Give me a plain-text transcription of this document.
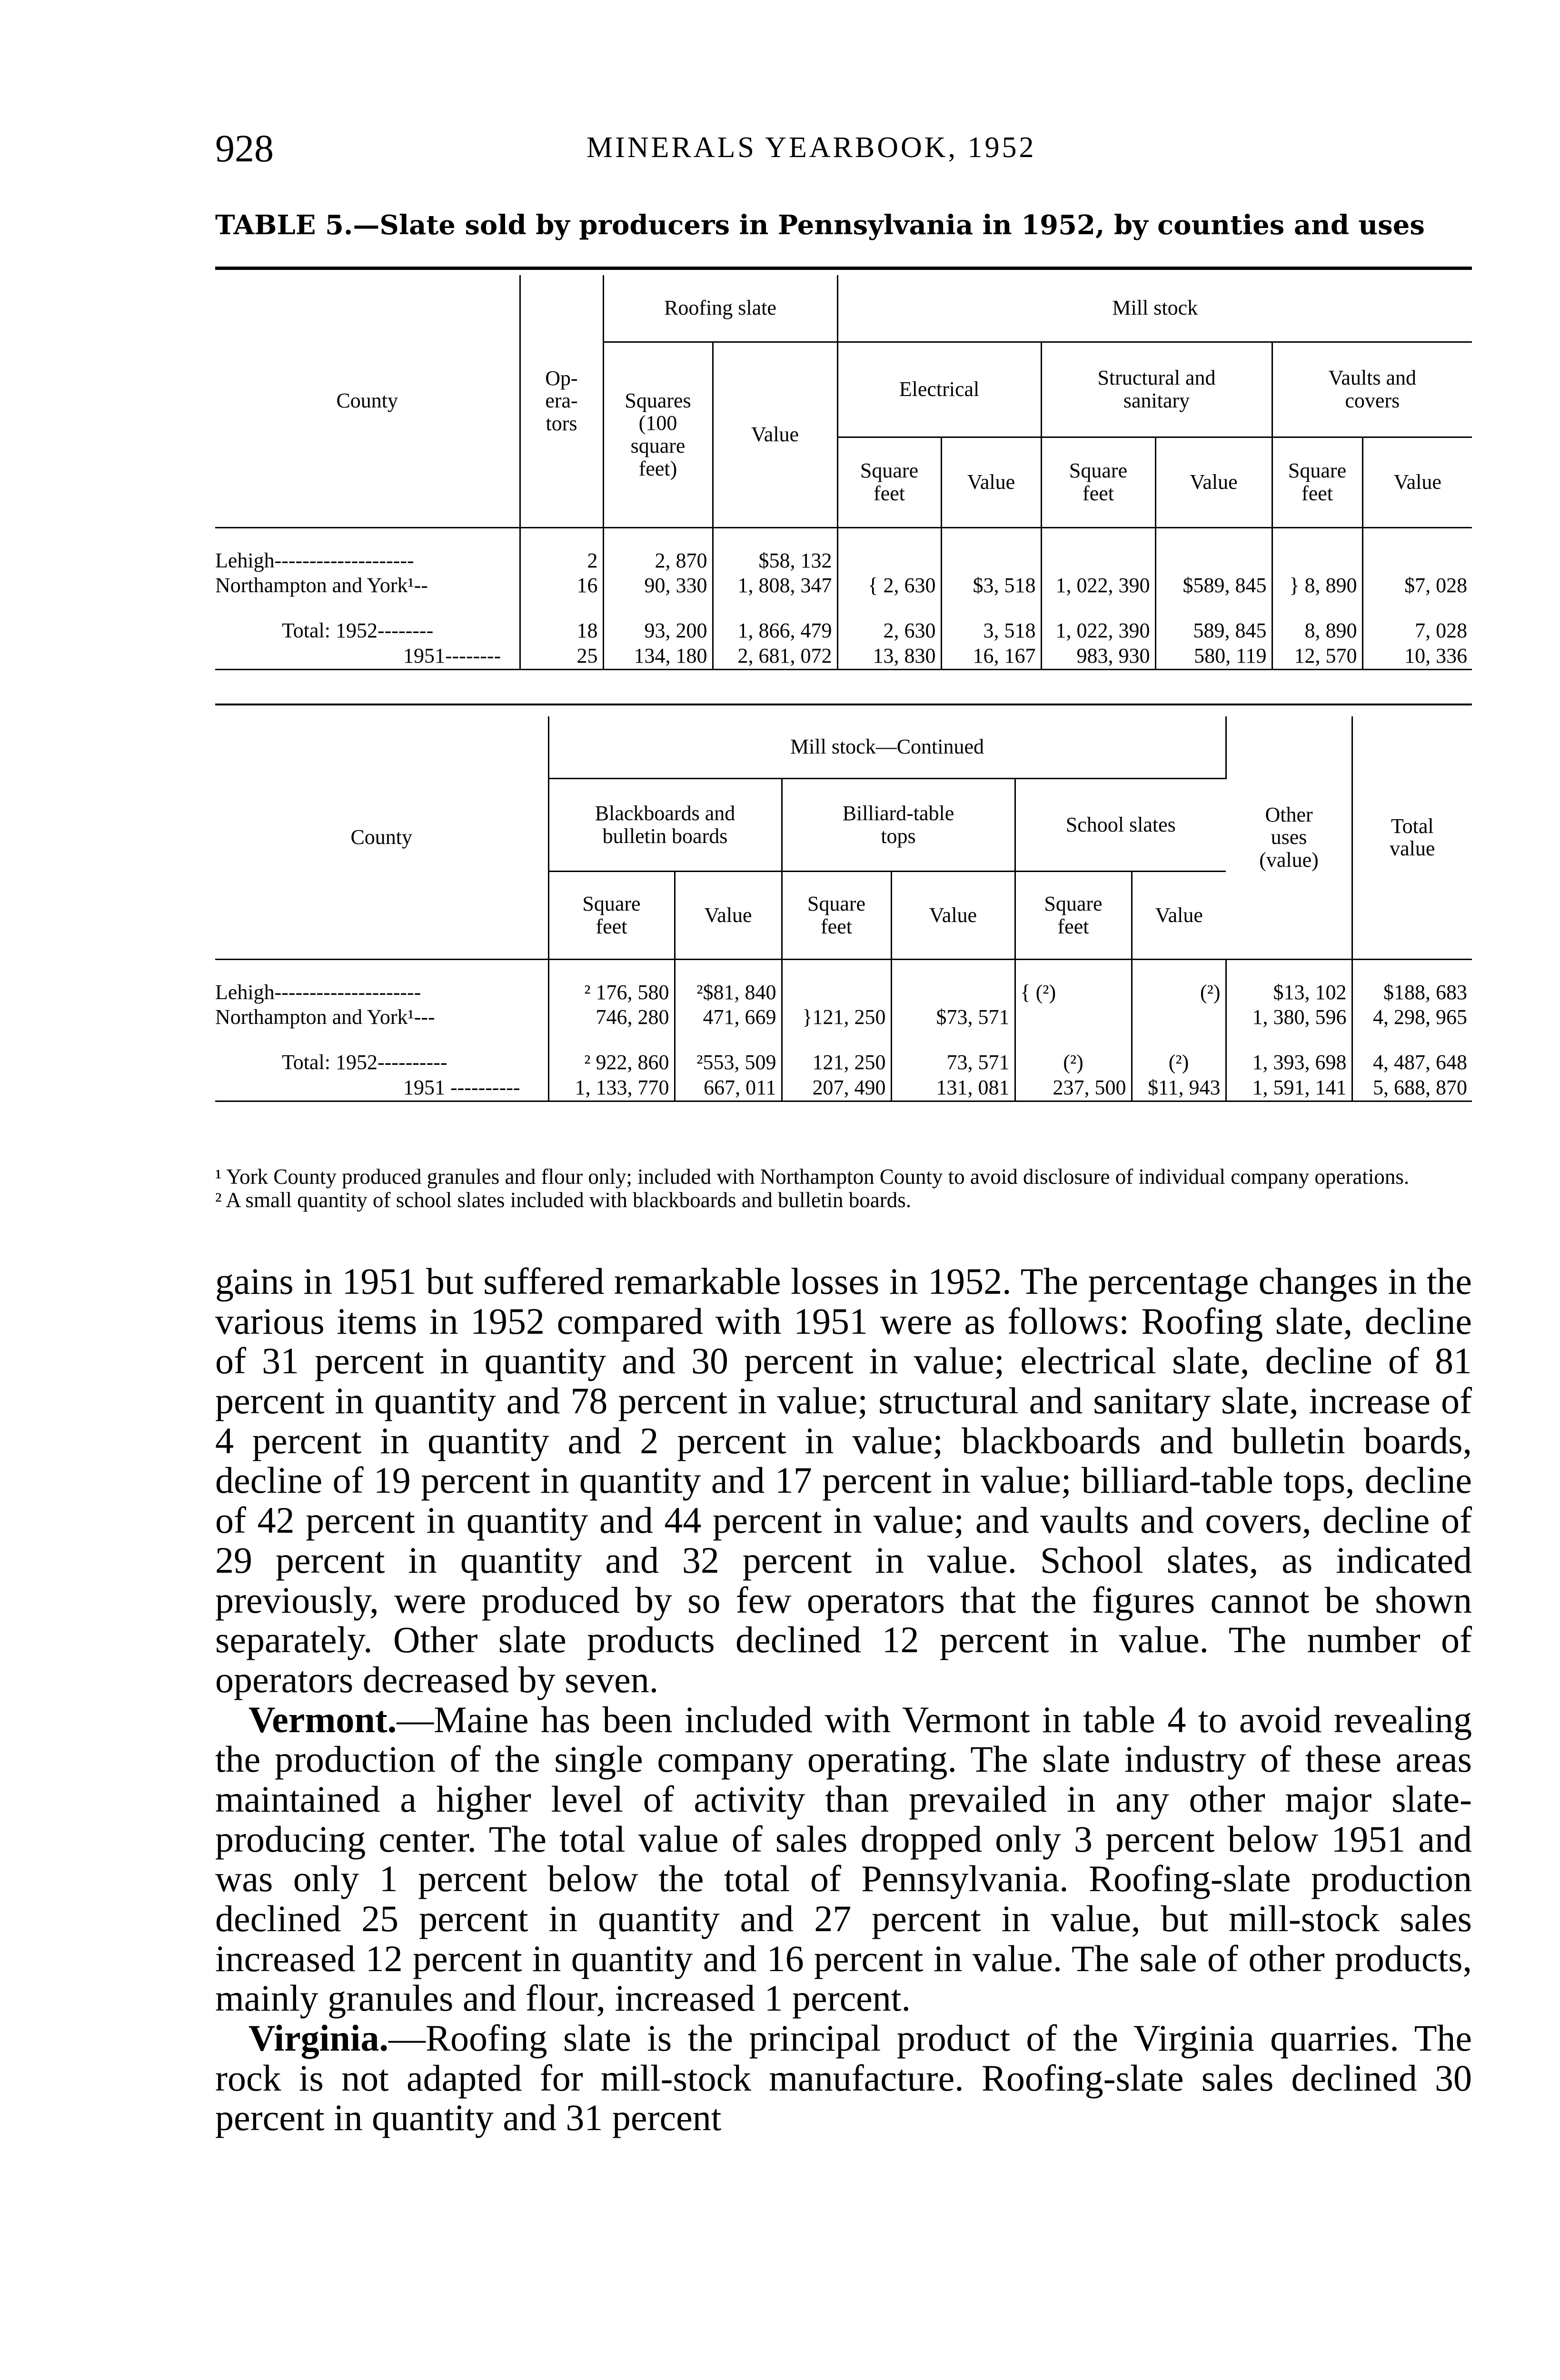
928	MINERALS YEARBOOK, 1952
TABLE 5.—Slate sold by producers in Pennsylvania in 1952, by counties and uses
County	Op-
era-
tors	Roofing slate		Mill stock					
		Squares
(100
square
feet)	Value	Electrical		Structural and
sanitary		Vaults and
covers	
				Square
feet	Value	Square
feet	Value	Square
feet	Value

Lehigh--------------------	2	2, 870	$58, 132						
Northampton and York¹--	16	90, 330	1, 808, 347	{ 2, 630	$3, 518	1, 022, 390	$589, 845	} 8, 890	$7, 028

Total: 1952--------	18	93, 200	1, 866, 479	2, 630	3, 518	1, 022, 390	589, 845	8, 890	7, 028
1951--------	25	134, 180	2, 681, 072	13, 830	16, 167	983, 930	580, 119	12, 570	10, 336
County	Mill stock—Continued						Other
uses
(value)	Total
value
	Blackboards and
bulletin boards		Billiard-table
tops		School slates			
	Square
feet	Value	Square
feet	Value	Square
feet	Value		

Lehigh---------------------	² 176, 580	²$81, 840			{ (²)	(²)	$13, 102	$188, 683
Northampton and York¹---	746, 280	471, 669	}121, 250	$73, 571			1, 380, 596	4, 298, 965

Total: 1952----------	² 922, 860	²553, 509	121, 250	73, 571	(²)	(²)	1, 393, 698	4, 487, 648
1951 ----------	1, 133, 770	667, 011	207, 490	131, 081	237, 500	$11, 943	1, 591, 141	5, 688, 870

¹ York County produced granules and flour only; included with Northampton County to avoid disclosure of individual company operations.

² A small quantity of school slates included with blackboards and bulletin boards.

gains in 1951 but suffered remarkable losses in 1952. The percentage changes in the various items in 1952 compared with 1951 were as follows: Roofing slate, decline of 31 percent in quantity and 30 percent in value; electrical slate, decline of 81 percent in quantity and 78 percent in value; structural and sanitary slate, increase of 4 percent in quantity and 2 percent in value; blackboards and bulletin boards, decline of 19 percent in quantity and 17 percent in value; billiard-table tops, decline of 42 percent in quantity and 44 percent in value; and vaults and covers, decline of 29 percent in quantity and 32 percent in value. School slates, as indicated previously, were produced by so few operators that the figures cannot be shown separately. Other slate products declined 12 percent in value. The number of operators decreased by seven.

Vermont.—Maine has been included with Vermont in table 4 to avoid revealing the production of the single company operating. The slate industry of these areas maintained a higher level of activity than prevailed in any other major slate-producing center. The total value of sales dropped only 3 percent below 1951 and was only 1 percent below the total of Pennsylvania. Roofing-slate production declined 25 percent in quantity and 27 percent in value, but mill-stock sales increased 12 percent in quantity and 16 percent in value. The sale of other products, mainly granules and flour, increased 1 percent.

Virginia.—Roofing slate is the principal product of the Virginia quarries. The rock is not adapted for mill-stock manufacture. Roofing-slate sales declined 30 percent in quantity and 31 percent
